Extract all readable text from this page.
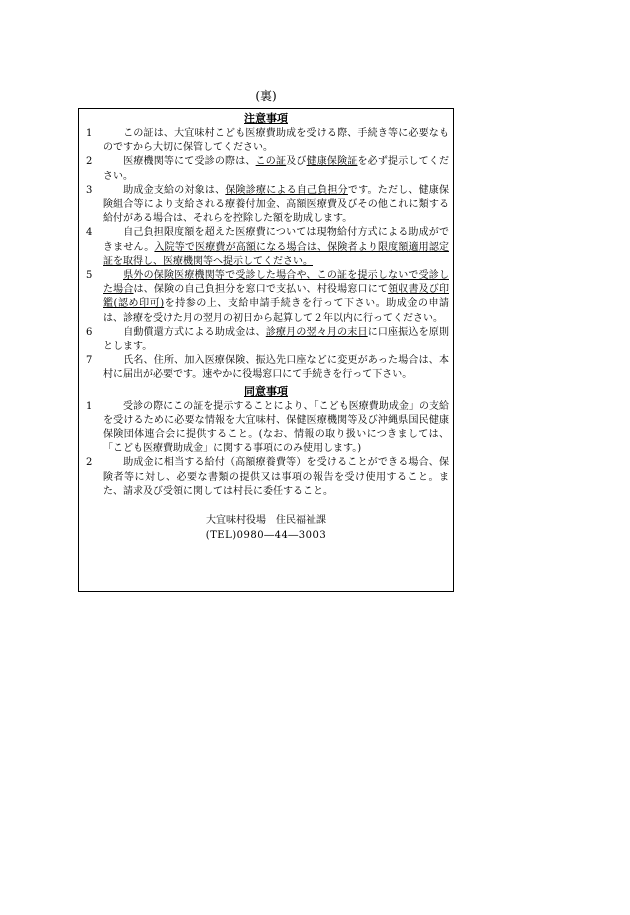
(裏)
注意事項
1	この証は、大宜味村こども医療費助成を受ける際、手続き等に必要なものですから大切に保管してください。
2	医療機関等にて受診の際は、この証及び健康保険証を必ず提示してください。
3	助成金支給の対象は、保険診療による自己負担分です。ただし、健康保険組合等により支給される療養付加金、高額医療費及びその他これに類する給付がある場合は、それらを控除した額を助成します。
4	自己負担限度額を超えた医療費については現物給付方式による助成ができません。入院等で医療費が高額になる場合は、保険者より限度額適用認定証を取得し、医療機関等へ提示してください。
5	県外の保険医療機関等で受診した場合や、この証を提示しないで受診した場合は、保険の自己負担分を窓口で支払い、村役場窓口にて領収書及び印鑑(認め印可)を持参の上、支給申請手続きを行って下さい。助成金の申請は、診療を受けた月の翌月の初日から起算して２年以内に行ってください。
6	自動償還方式による助成金は、診療月の翌々月の末日に口座振込を原則とします。
7	氏名、住所、加入医療保険、振込先口座などに変更があった場合は、本村に届出が必要です。速やかに役場窓口にて手続きを行って下さい。
同意事項
1	受診の際にこの証を提示することにより、「こども医療費助成金」の支給を受けるために必要な情報を大宜味村、保健医療機関等及び沖縄県国民健康保険団体連合会に提供すること。(なお、情報の取り扱いにつきましては、「こども医療費助成金」に関する事項にのみ使用します。)
2	助成金に相当する給付（高額療養費等）を受けることができる場合、保険者等に対し、必要な書類の提供又は事項の報告を受け使用すること。また、請求及び受領に関しては村長に委任すること。
大宜味村役場　住民福祉課
(TEL)0980―44―3003
